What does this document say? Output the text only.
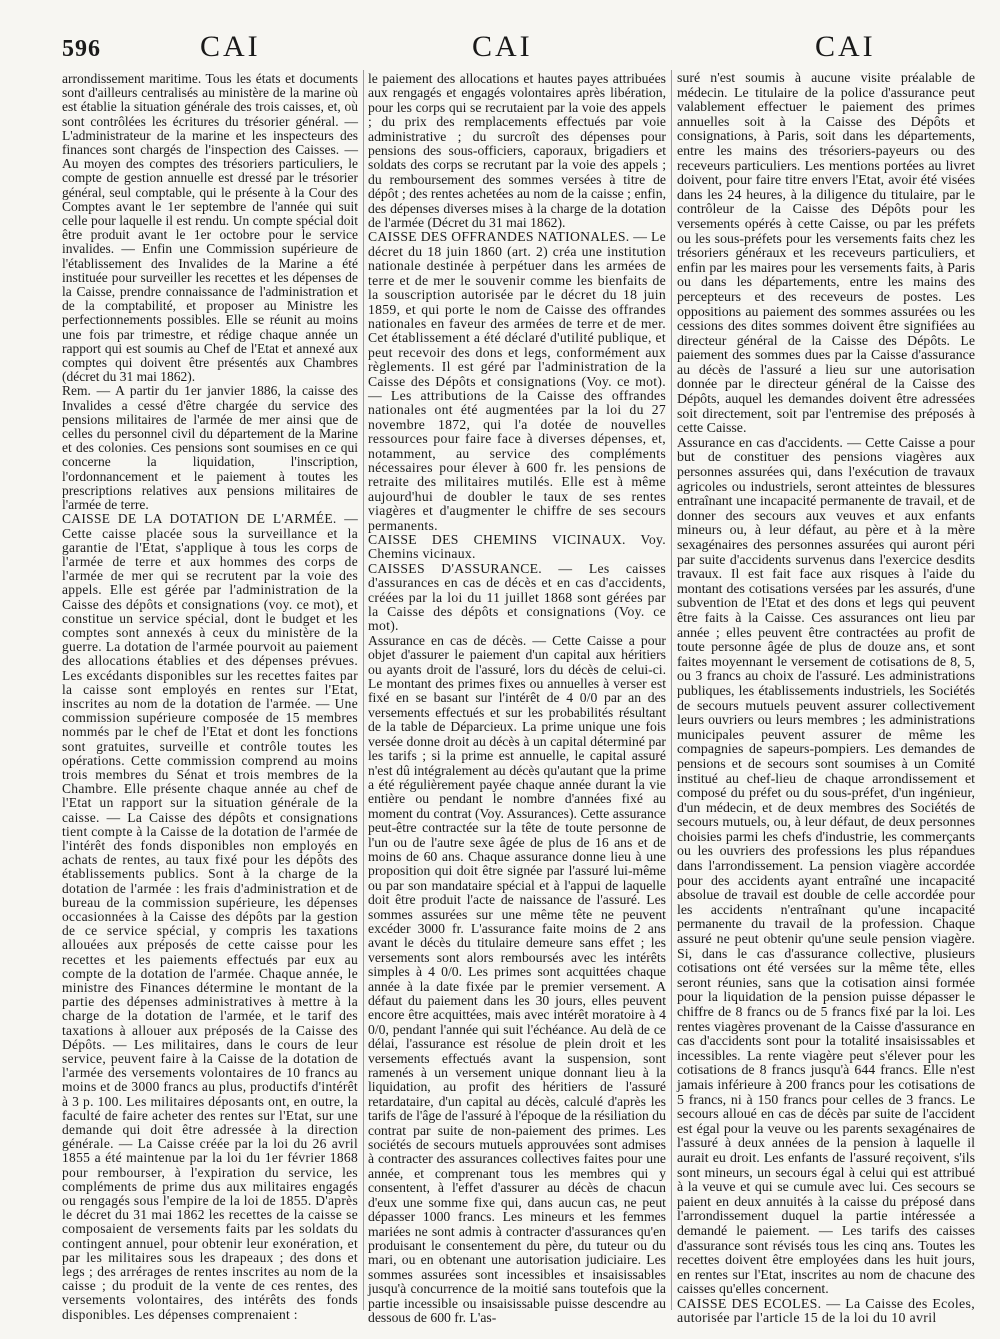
596	CAI	CAI	CAI

arrondissement maritime. Tous les états et documents sont d'ailleurs centralisés au ministère de la marine où est établie la situation générale des trois caisses, et, où sont contrôlées les écritures du trésorier général. — L'administrateur de la marine et les inspecteurs des finances sont chargés de l'inspection des Caisses. — Au moyen des comptes des trésoriers particuliers, le compte de gestion annuelle est dressé par le trésorier général, seul comptable, qui le présente à la Cour des Comptes avant le 1er septembre de l'année qui suit celle pour laquelle il est rendu. Un compte spécial doit être produit avant le 1er octobre pour le service invalides. — Enfin une Commission supérieure de l'établissement des Invalides de la Marine a été instituée pour surveiller les recettes et les dépenses de la Caisse, prendre connaissance de l'administration et de la comptabilité, et proposer au Ministre les perfectionnements possibles. Elle se réunit au moins une fois par trimestre, et rédige chaque année un rapport qui est soumis au Chef de l'Etat et annexé aux comptes qui doivent être présentés aux Chambres (décret du 31 mai 1862).

Rem. — A partir du 1er janvier 1886, la caisse des Invalides a cessé d'être chargée du service des pensions militaires de l'armée de mer ainsi que de celles du personnel civil du département de la Marine et des colonies. Ces pensions sont soumises en ce qui concerne la liquidation, l'inscription, l'ordonnancement et le paiement à toutes les prescriptions relatives aux pensions militaires de l'armée de terre.

CAISSE DE LA DOTATION DE L'ARMÉE. — Cette caisse placée sous la surveillance et la garantie de l'Etat, s'applique à tous les corps de l'armée de terre et aux hommes des corps de l'armée de mer qui se recrutent par la voie des appels. Elle est gérée par l'administration de la Caisse des dépôts et consignations (voy. ce mot), et constitue un service spécial, dont le budget et les comptes sont annexés à ceux du ministère de la guerre. La dotation de l'armée pourvoit au paiement des allocations établies et des dépenses prévues. Les excédants disponibles sur les recettes faites par la caisse sont employés en rentes sur l'Etat, inscrites au nom de la dotation de l'armée. — Une commission supérieure composée de 15 membres nommés par le chef de l'Etat et dont les fonctions sont gratuites, surveille et contrôle toutes les opérations. Cette commission comprend au moins trois membres du Sénat et trois membres de la Chambre. Elle présente chaque année au chef de l'Etat un rapport sur la situation générale de la caisse. — La Caisse des dépôts et consignations tient compte à la Caisse de la dotation de l'armée de l'intérêt des fonds disponibles non employés en achats de rentes, au taux fixé pour les dépôts des établissements publics. Sont à la charge de la dotation de l'armée : les frais d'administration et de bureau de la commission supérieure, les dépenses occasionnées à la Caisse des dépôts par la gestion de ce service spécial, y compris les taxations allouées aux préposés de cette caisse pour les recettes et les paiements effectués par eux au compte de la dotation de l'armée. Chaque année, le ministre des Finances détermine le montant de la partie des dépenses administratives à mettre à la charge de la dotation de l'armée, et le tarif des taxations à allouer aux préposés de la Caisse des Dépôts. — Les militaires, dans le cours de leur service, peuvent faire à la Caisse de la dotation de l'armée des versements volontaires de 10 francs au moins et de 3000 francs au plus, productifs d'intérêt à 3 p. 100. Les militaires déposants ont, en outre, la faculté de faire acheter des rentes sur l'Etat, sur une demande qui doit être adressée à la direction générale. — La Caisse créée par la loi du 26 avril 1855 a été maintenue par la loi du 1er février 1868 pour rembourser, à l'expiration du service, les compléments de prime dus aux militaires engagés ou rengagés sous l'empire de la loi de 1855. D'après le décret du 31 mai 1862 les recettes de la caisse se composaient de versements faits par les soldats du contingent annuel, pour obtenir leur exonération, et par les militaires sous les drapeaux ; des dons et legs ; des arrérages de rentes inscrites au nom de la caisse ; du produit de la vente de ces rentes, des versements volontaires, des intérêts des fonds disponibles. Les dépenses comprenaient :

le paiement des allocations et hautes payes attribuées aux rengagés et engagés volontaires après libération, pour les corps qui se recrutaient par la voie des appels ; du prix des remplacements effectués par voie administrative ; du surcroît des dépenses pour pensions des sous-officiers, caporaux, brigadiers et soldats des corps se recrutant par la voie des appels ; du remboursement des sommes versées à titre de dépôt ; des rentes achetées au nom de la caisse ; enfin, des dépenses diverses mises à la charge de la dotation de l'armée (Décret du 31 mai 1862).

CAISSE DES OFFRANDES NATIONALES. — Le décret du 18 juin 1860 (art. 2) créa une institution nationale destinée à perpétuer dans les armées de terre et de mer le souvenir comme les bienfaits de la souscription autorisée par le décret du 18 juin 1859, et qui porte le nom de Caisse des offrandes nationales en faveur des armées de terre et de mer. Cet établissement a été déclaré d'utilité publique, et peut recevoir des dons et legs, conformément aux règlements. Il est géré par l'administration de la Caisse des Dépôts et consignations (Voy. ce mot). — Les attributions de la Caisse des offrandes nationales ont été augmentées par la loi du 27 novembre 1872, qui l'a dotée de nouvelles ressources pour faire face à diverses dépenses, et, notamment, au service des compléments nécessaires pour élever à 600 fr. les pensions de retraite des militaires mutilés. Elle est à même aujourd'hui de doubler le taux de ses rentes viagères et d'augmenter le chiffre de ses secours permanents.

CAISSE DES CHEMINS VICINAUX. Voy. Chemins vicinaux.

CAISSES D'ASSURANCE. — Les caisses d'assurances en cas de décès et en cas d'accidents, créées par la loi du 11 juillet 1868 sont gérées par la Caisse des dépôts et consignations (Voy. ce mot).

Assurance en cas de décès. — Cette Caisse a pour objet d'assurer le paiement d'un capital aux héritiers ou ayants droit de l'assuré, lors du décès de celui-ci. Le montant des primes fixes ou annuelles à verser est fixé en se basant sur l'intérêt de 4 0/0 par an des versements effectués et sur les probabilités résultant de la table de Déparcieux. La prime unique une fois versée donne droit au décès à un capital déterminé par les tarifs ; si la prime est annuelle, le capital assuré n'est dû intégralement au décès qu'autant que la prime a été régulièrement payée chaque année durant la vie entière ou pendant le nombre d'années fixé au moment du contrat (Voy. Assurances). Cette assurance peut-être contractée sur la tête de toute personne de l'un ou de l'autre sexe âgée de plus de 16 ans et de moins de 60 ans. Chaque assurance donne lieu à une proposition qui doit être signée par l'assuré lui-même ou par son mandataire spécial et à l'appui de laquelle doit être produit l'acte de naissance de l'assuré. Les sommes assurées sur une même tête ne peuvent excéder 3000 fr. L'assurance faite moins de 2 ans avant le décès du titulaire demeure sans effet ; les versements sont alors remboursés avec les intérêts simples à 4 0/0. Les primes sont acquittées chaque année à la date fixée par le premier versement. A défaut du paiement dans les 30 jours, elles peuvent encore être acquittées, mais avec intérêt moratoire à 4 0/0, pendant l'année qui suit l'échéance. Au delà de ce délai, l'assurance est résolue de plein droit et les versements effectués avant la suspension, sont ramenés à un versement unique donnant lieu à la liquidation, au profit des héritiers de l'assuré retardataire, d'un capital au décès, calculé d'après les tarifs de l'âge de l'assuré à l'époque de la résiliation du contrat par suite de non-paiement des primes. Les sociétés de secours mutuels approuvées sont admises à contracter des assurances collectives faites pour une année, et comprenant tous les membres qui y consentent, à l'effet d'assurer au décès de chacun d'eux une somme fixe qui, dans aucun cas, ne peut dépasser 1000 francs. Les mineurs et les femmes mariées ne sont admis à contracter d'assurances qu'en produisant le consentement du père, du tuteur ou du mari, ou en obtenant une autorisation judiciaire. Les sommes assurées sont incessibles et insaisissables jusqu'à concurrence de la moitié sans toutefois que la partie incessible ou insaisissable puisse descendre au dessous de 600 fr. L'as-

suré n'est soumis à aucune visite préalable de médecin. Le titulaire de la police d'assurance peut valablement effectuer le paiement des primes annuelles soit à la Caisse des Dépôts et consignations, à Paris, soit dans les départements, entre les mains des trésoriers-payeurs ou des receveurs particuliers. Les mentions portées au livret doivent, pour faire titre envers l'Etat, avoir été visées dans les 24 heures, à la diligence du titulaire, par le contrôleur de la Caisse des Dépôts pour les versements opérés à cette Caisse, ou par les préfets ou les sous-préfets pour les versements faits chez les trésoriers généraux et les receveurs particuliers, et enfin par les maires pour les versements faits, à Paris ou dans les départements, entre les mains des percepteurs et des receveurs de postes. Les oppositions au paiement des sommes assurées ou les cessions des dites sommes doivent être signifiées au directeur général de la Caisse des Dépôts. Le paiement des sommes dues par la Caisse d'assurance au décès de l'assuré a lieu sur une autorisation donnée par le directeur général de la Caisse des Dépôts, auquel les demandes doivent être adressées soit directement, soit par l'entremise des préposés à cette Caisse.

Assurance en cas d'accidents. — Cette Caisse a pour but de constituer des pensions viagères aux personnes assurées qui, dans l'exécution de travaux agricoles ou industriels, seront atteintes de blessures entraînant une incapacité permanente de travail, et de donner des secours aux veuves et aux enfants mineurs ou, à leur défaut, au père et à la mère sexagénaires des personnes assurées qui auront péri par suite d'accidents survenus dans l'exercice desdits travaux. Il est fait face aux risques à l'aide du montant des cotisations versées par les assurés, d'une subvention de l'Etat et des dons et legs qui peuvent être faits à la Caisse. Ces assurances ont lieu par année ; elles peuvent être contractées au profit de toute personne âgée de plus de douze ans, et sont faites moyennant le versement de cotisations de 8, 5, ou 3 francs au choix de l'assuré. Les administrations publiques, les établissements industriels, les Sociétés de secours mutuels peuvent assurer collectivement leurs ouvriers ou leurs membres ; les administrations municipales peuvent assurer de même les compagnies de sapeurs-pompiers. Les demandes de pensions et de secours sont soumises à un Comité institué au chef-lieu de chaque arrondissement et composé du préfet ou du sous-préfet, d'un ingénieur, d'un médecin, et de deux membres des Sociétés de secours mutuels, ou, à leur défaut, de deux personnes choisies parmi les chefs d'industrie, les commerçants ou les ouvriers des professions les plus répandues dans l'arrondissement. La pension viagère accordée pour des accidents ayant entraîné une incapacité absolue de travail est double de celle accordée pour les accidents n'entraînant qu'une incapacité permanente du travail de la profession. Chaque assuré ne peut obtenir qu'une seule pension viagère. Si, dans le cas d'assurance collective, plusieurs cotisations ont été versées sur la même tête, elles seront réunies, sans que la cotisation ainsi formée pour la liquidation de la pension puisse dépasser le chiffre de 8 francs ou de 5 francs fixé par la loi. Les rentes viagères provenant de la Caisse d'assurance en cas d'accidents sont pour la totalité insaisissables et incessibles. La rente viagère peut s'élever pour les cotisations de 8 francs jusqu'à 644 francs. Elle n'est jamais inférieure à 200 francs pour les cotisations de 5 francs, ni à 150 francs pour celles de 3 francs. Le secours alloué en cas de décès par suite de l'accident est égal pour la veuve ou les parents sexagénaires de l'assuré à deux années de la pension à laquelle il aurait eu droit. Les enfants de l'assuré reçoivent, s'ils sont mineurs, un secours égal à celui qui est attribué à la veuve et qui se cumule avec lui. Ces secours se paient en deux annuités à la caisse du préposé dans l'arrondissement duquel la partie intéressée a demandé le paiement. — Les tarifs des caisses d'assurance sont révisés tous les cinq ans. Toutes les recettes doivent être employées dans les huit jours, en rentes sur l'Etat, inscrites au nom de chacune des caisses qu'elles concernent.

CAISSE DES ECOLES. — La Caisse des Ecoles, autorisée par l'article 15 de la loi du 10 avril
